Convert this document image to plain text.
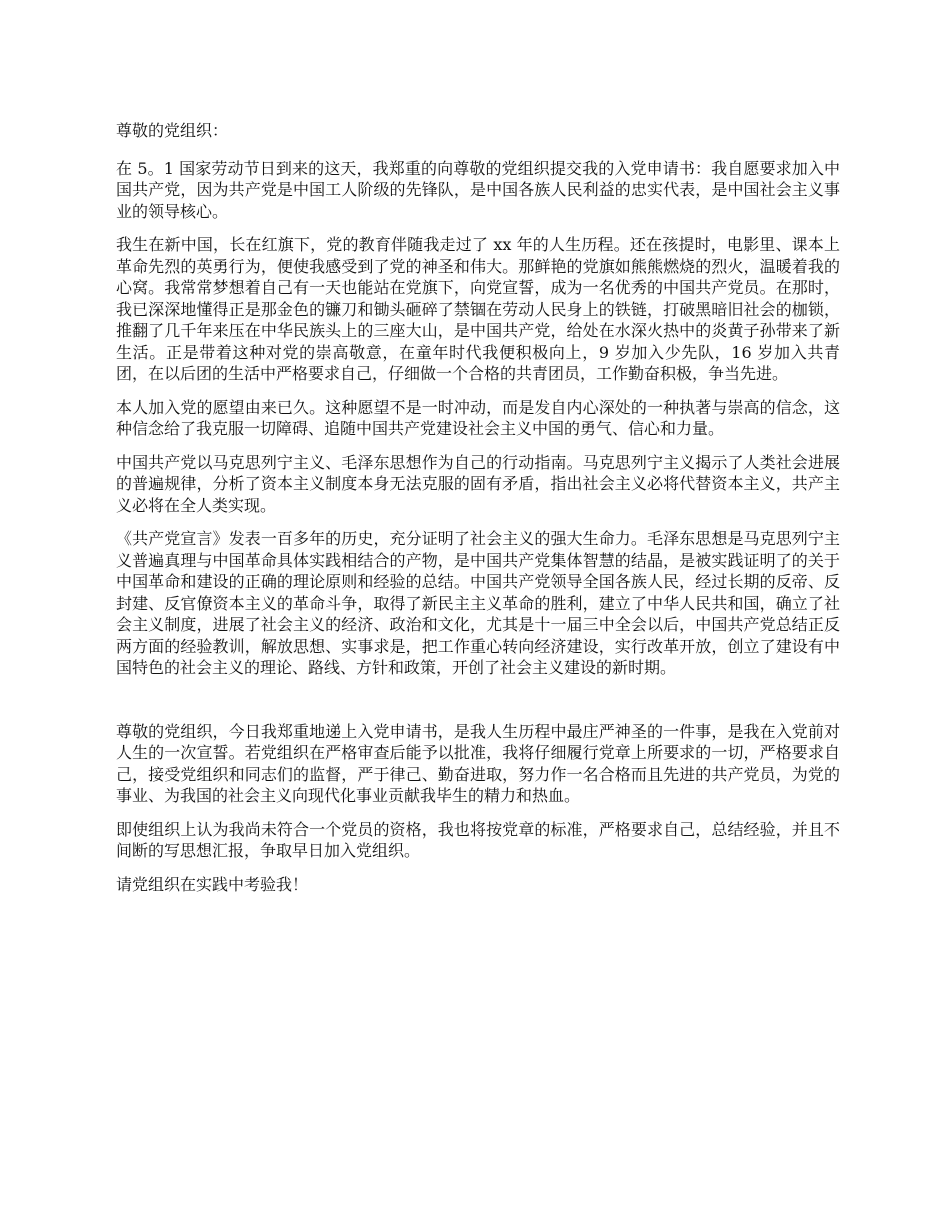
尊敬的党组织：

在 5。1 国家劳动节日到来的这天，我郑重的向尊敬的党组织提交我的入党申请书：我自愿要求加入中国共产党，因为共产党是中国工人阶级的先锋队，是中国各族人民利益的忠实代表，是中国社会主义事业的领导核心。

我生在新中国，长在红旗下，党的教育伴随我走过了 xx 年的人生历程。还在孩提时，电影里、课本上革命先烈的英勇行为，便使我感受到了党的神圣和伟大。那鲜艳的党旗如熊熊燃烧的烈火，温暖着我的心窝。我常常梦想着自己有一天也能站在党旗下，向党宣誓，成为一名优秀的中国共产党员。在那时，我已深深地懂得正是那金色的镰刀和锄头砸碎了禁锢在劳动人民身上的铁链，打破黑暗旧社会的枷锁，推翻了几千年来压在中华民族头上的三座大山，是中国共产党，给处在水深火热中的炎黄子孙带来了新生活。正是带着这种对党的崇高敬意，在童年时代我便积极向上，9 岁加入少先队，16 岁加入共青团，在以后团的生活中严格要求自己，仔细做一个合格的共青团员，工作勤奋积极，争当先进。

本人加入党的愿望由来已久。这种愿望不是一时冲动，而是发自内心深处的一种执著与崇高的信念，这种信念给了我克服一切障碍、追随中国共产党建设社会主义中国的勇气、信心和力量。

中国共产党以马克思列宁主义、毛泽东思想作为自己的行动指南。马克思列宁主义揭示了人类社会进展的普遍规律，分析了资本主义制度本身无法克服的固有矛盾，指出社会主义必将代替资本主义，共产主义必将在全人类实现。

《共产党宣言》发表一百多年的历史，充分证明了社会主义的强大生命力。毛泽东思想是马克思列宁主义普遍真理与中国革命具体实践相结合的产物，是中国共产党集体智慧的结晶，是被实践证明了的关于中国革命和建设的正确的理论原则和经验的总结。中国共产党领导全国各族人民，经过长期的反帝、反封建、反官僚资本主义的革命斗争，取得了新民主主义革命的胜利，建立了中华人民共和国，确立了社会主义制度，进展了社会主义的经济、政治和文化，尤其是十一届三中全会以后，中国共产党总结正反两方面的经验教训，解放思想、实事求是，把工作重心转向经济建设，实行改革开放，创立了建设有中国特色的社会主义的理论、路线、方针和政策，开创了社会主义建设的新时期。

尊敬的党组织，今日我郑重地递上入党申请书，是我人生历程中最庄严神圣的一件事，是我在入党前对人生的一次宣誓。若党组织在严格审查后能予以批准，我将仔细履行党章上所要求的一切，严格要求自己，接受党组织和同志们的监督，严于律己、勤奋进取，努力作一名合格而且先进的共产党员，为党的事业、为我国的社会主义向现代化事业贡献我毕生的精力和热血。

即使组织上认为我尚未符合一个党员的资格，我也将按党章的标准，严格要求自己，总结经验，并且不间断的写思想汇报，争取早日加入党组织。

请党组织在实践中考验我！
